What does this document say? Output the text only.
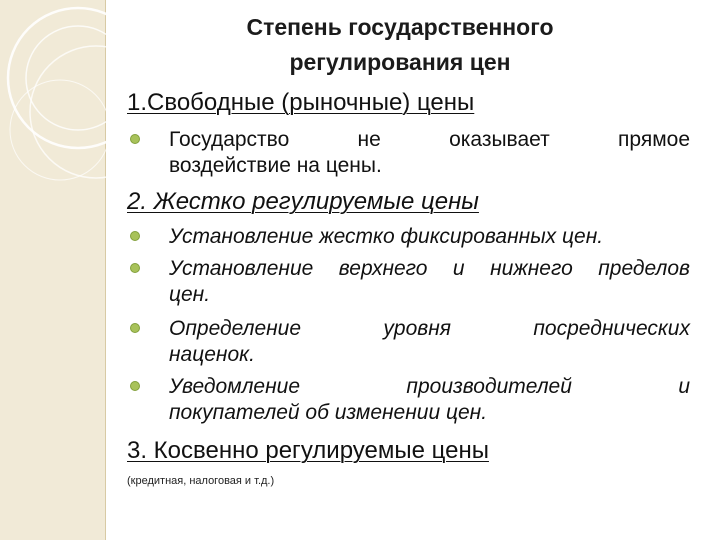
Степень государственного
регулирования цен
1.Свободные (рыночные) цены
Государство не оказывает прямое
воздействие на цены.
2. Жестко регулируемые цены
Установление жестко фиксированных цен.
Установление верхнего и нижнего пределов
цен.
Определение уровня посреднических
наценок.
Уведомление производителей и
покупателей об изменении цен.
3. Косвенно регулируемые цены
(кредитная, налоговая и т.д.)
